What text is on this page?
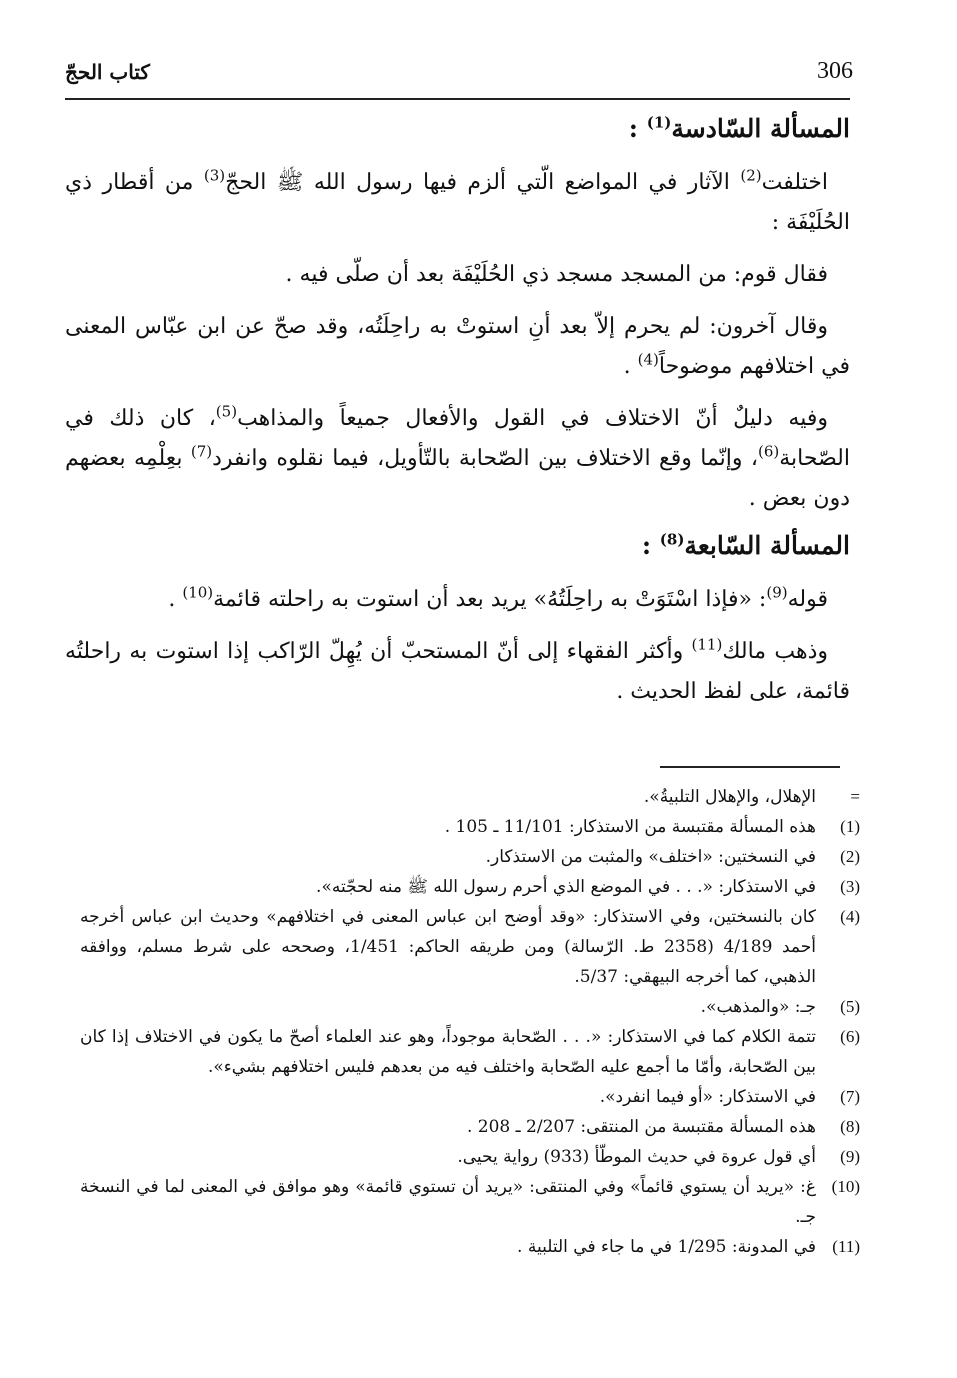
306
كتاب الحجّ
المسألة السّادسة$^{(1)}$ :

اختلفت$^{(2)}$ الآثار في المواضع الّتي ألزم فيها رسول الله ﷺ الحجّ$^{(3)}$ من أقطار ذي الحُلَيْفَة :

فقال قوم: من المسجد مسجد ذي الحُلَيْفَة بعد أن صلّى فيه .

وقال آخرون: لم يحرم إلاّ بعد أنِ استوتْ به راحِلَتُه، وقد صحّ عن ابن عبّاس المعنى في اختلافهم موضوحاً$^{(4)}$ .

وفيه دليلٌ أنّ الاختلاف في القول والأفعال جميعاً والمذاهب$^{(5)}$، كان ذلك في الصّحابة$^{(6)}$، وإنّما وقع الاختلاف بين الصّحابة بالتّأويل، فيما نقلوه وانفرد$^{(7)}$ بعِلْمِه بعضهم دون بعض .

المسألة السّابعة$^{(8)}$ :

قوله$^{(9)}$: «فإذا اسْتَوَتْ به راحِلَتُهُ» يريد بعد أن استوت به راحلته قائمة$^{(10)}$ .

وذهب مالك$^{(11)}$ وأكثر الفقهاء إلى أنّ المستحبّ أن يُهِلّ الرّاكب إذا استوت به راحلتُه قائمة، على لفظ الحديث .

=
الإهلال، والإهلال التلبيةُ».
(1)
هذه المسألة مقتبسة من الاستذكار: 11/101 ـ 105 .
(2)
في النسختين: «اختلف» والمثبت من الاستذكار.
(3)
في الاستذكار: «. . . في الموضع الذي أحرم رسول الله ﷺ منه لحجّته».
(4)
كان بالنسختين، وفي الاستذكار: «وقد أوضح ابن عباس المعنى في اختلافهم» وحديث ابن عباس أخرجه أحمد 4/189 (2358 ط. الرّسالة) ومن طريقه الحاكم: 1/451، وصححه على شرط مسلم، ووافقه الذهبي، كما أخرجه البيهقي: 5/37.
(5)
جـ: «والمذهب».
(6)
تتمة الكلام كما في الاستذكار: «. . . الصّحابة موجوداً، وهو عند العلماء أصحّ ما يكون في الاختلاف إذا كان بين الصّحابة، وأمّا ما أجمع عليه الصّحابة واختلف فيه من بعدهم فليس اختلافهم بشيء».
(7)
في الاستذكار: «أو فيما انفرد».
(8)
هذه المسألة مقتبسة من المنتقى: 2/207 ـ 208 .
(9)
أي قول عروة في حديث الموطّأ (933) رواية يحيى.
(10)
غ: «يريد أن يستوي قائماً» وفي المنتقى: «يريد أن تستوي قائمة» وهو موافق في المعنى لما في النسخة جـ.
(11)
في المدونة: 1/295 في ما جاء في التلبية .
